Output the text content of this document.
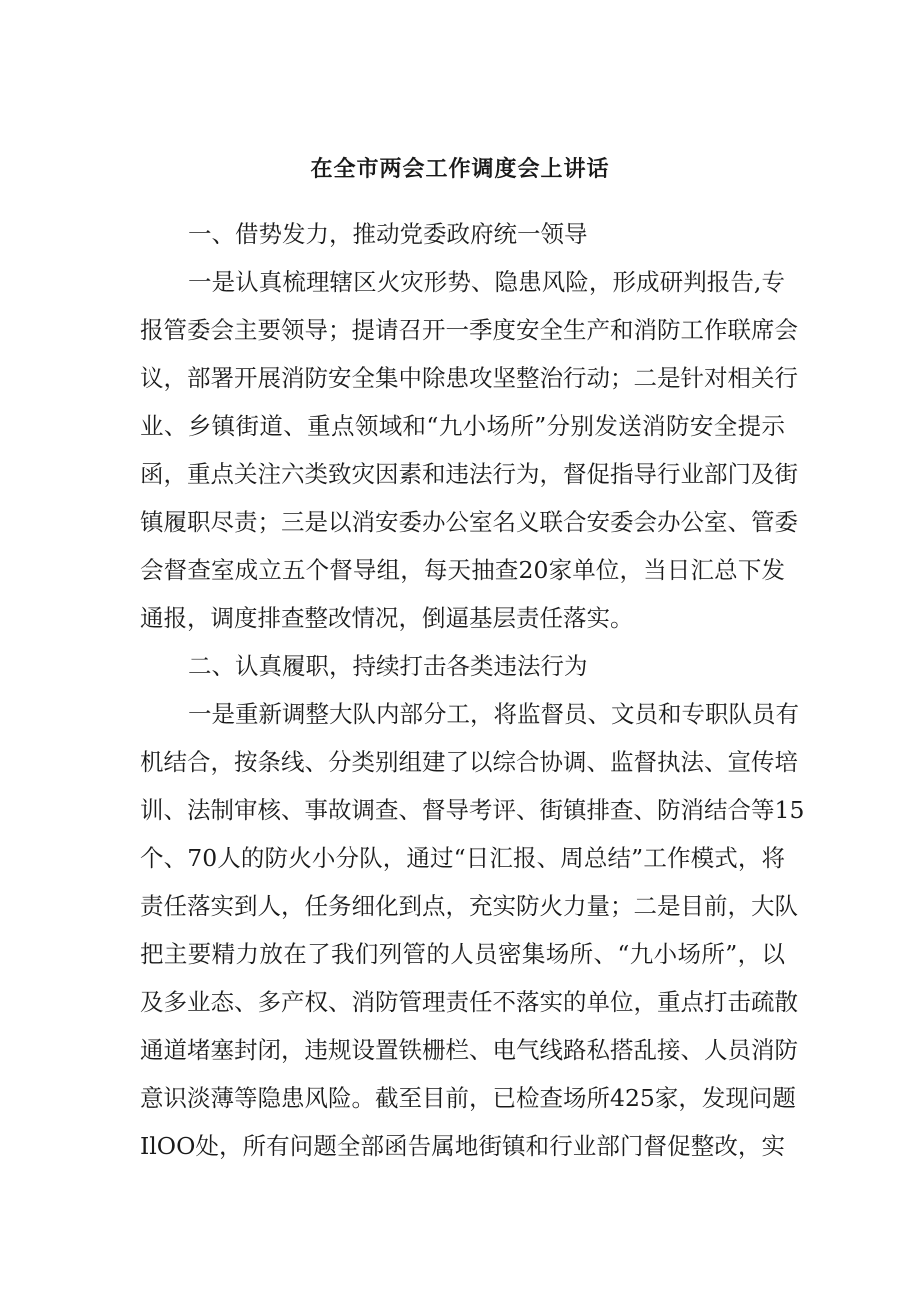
在全市两会工作调度会上讲话
一、借势发力，推动党委政府统一领导
一是认真梳理辖区火灾形势、隐患风险，形成研判报告,专
报管委会主要领导；提请召开一季度安全生产和消防工作联席会
议，部署开展消防安全集中除患攻坚整治行动；二是针对相关行
业、乡镇街道、重点领域和“九小场所”分别发送消防安全提示
函，重点关注六类致灾因素和违法行为，督促指导行业部门及街
镇履职尽责；三是以消安委办公室名义联合安委会办公室、管委
会督查室成立五个督导组，每天抽查20家单位，当日汇总下发
通报，调度排查整改情况，倒逼基层责任落实。
二、认真履职，持续打击各类违法行为
一是重新调整大队内部分工，将监督员、文员和专职队员有
机结合，按条线、分类别组建了以综合协调、监督执法、宣传培
训、法制审核、事故调查、督导考评、街镇排查、防消结合等15
个、70人的防火小分队，通过“日汇报、周总结”工作模式，将
责任落实到人，任务细化到点，充实防火力量；二是目前，大队
把主要精力放在了我们列管的人员密集场所、“九小场所”，以
及多业态、多产权、消防管理责任不落实的单位，重点打击疏散
通道堵塞封闭，违规设置铁栅栏、电气线路私搭乱接、人员消防
意识淡薄等隐患风险。截至目前，已检查场所425家，发现问题
IlOO处，所有问题全部函告属地街镇和行业部门督促整改，实
